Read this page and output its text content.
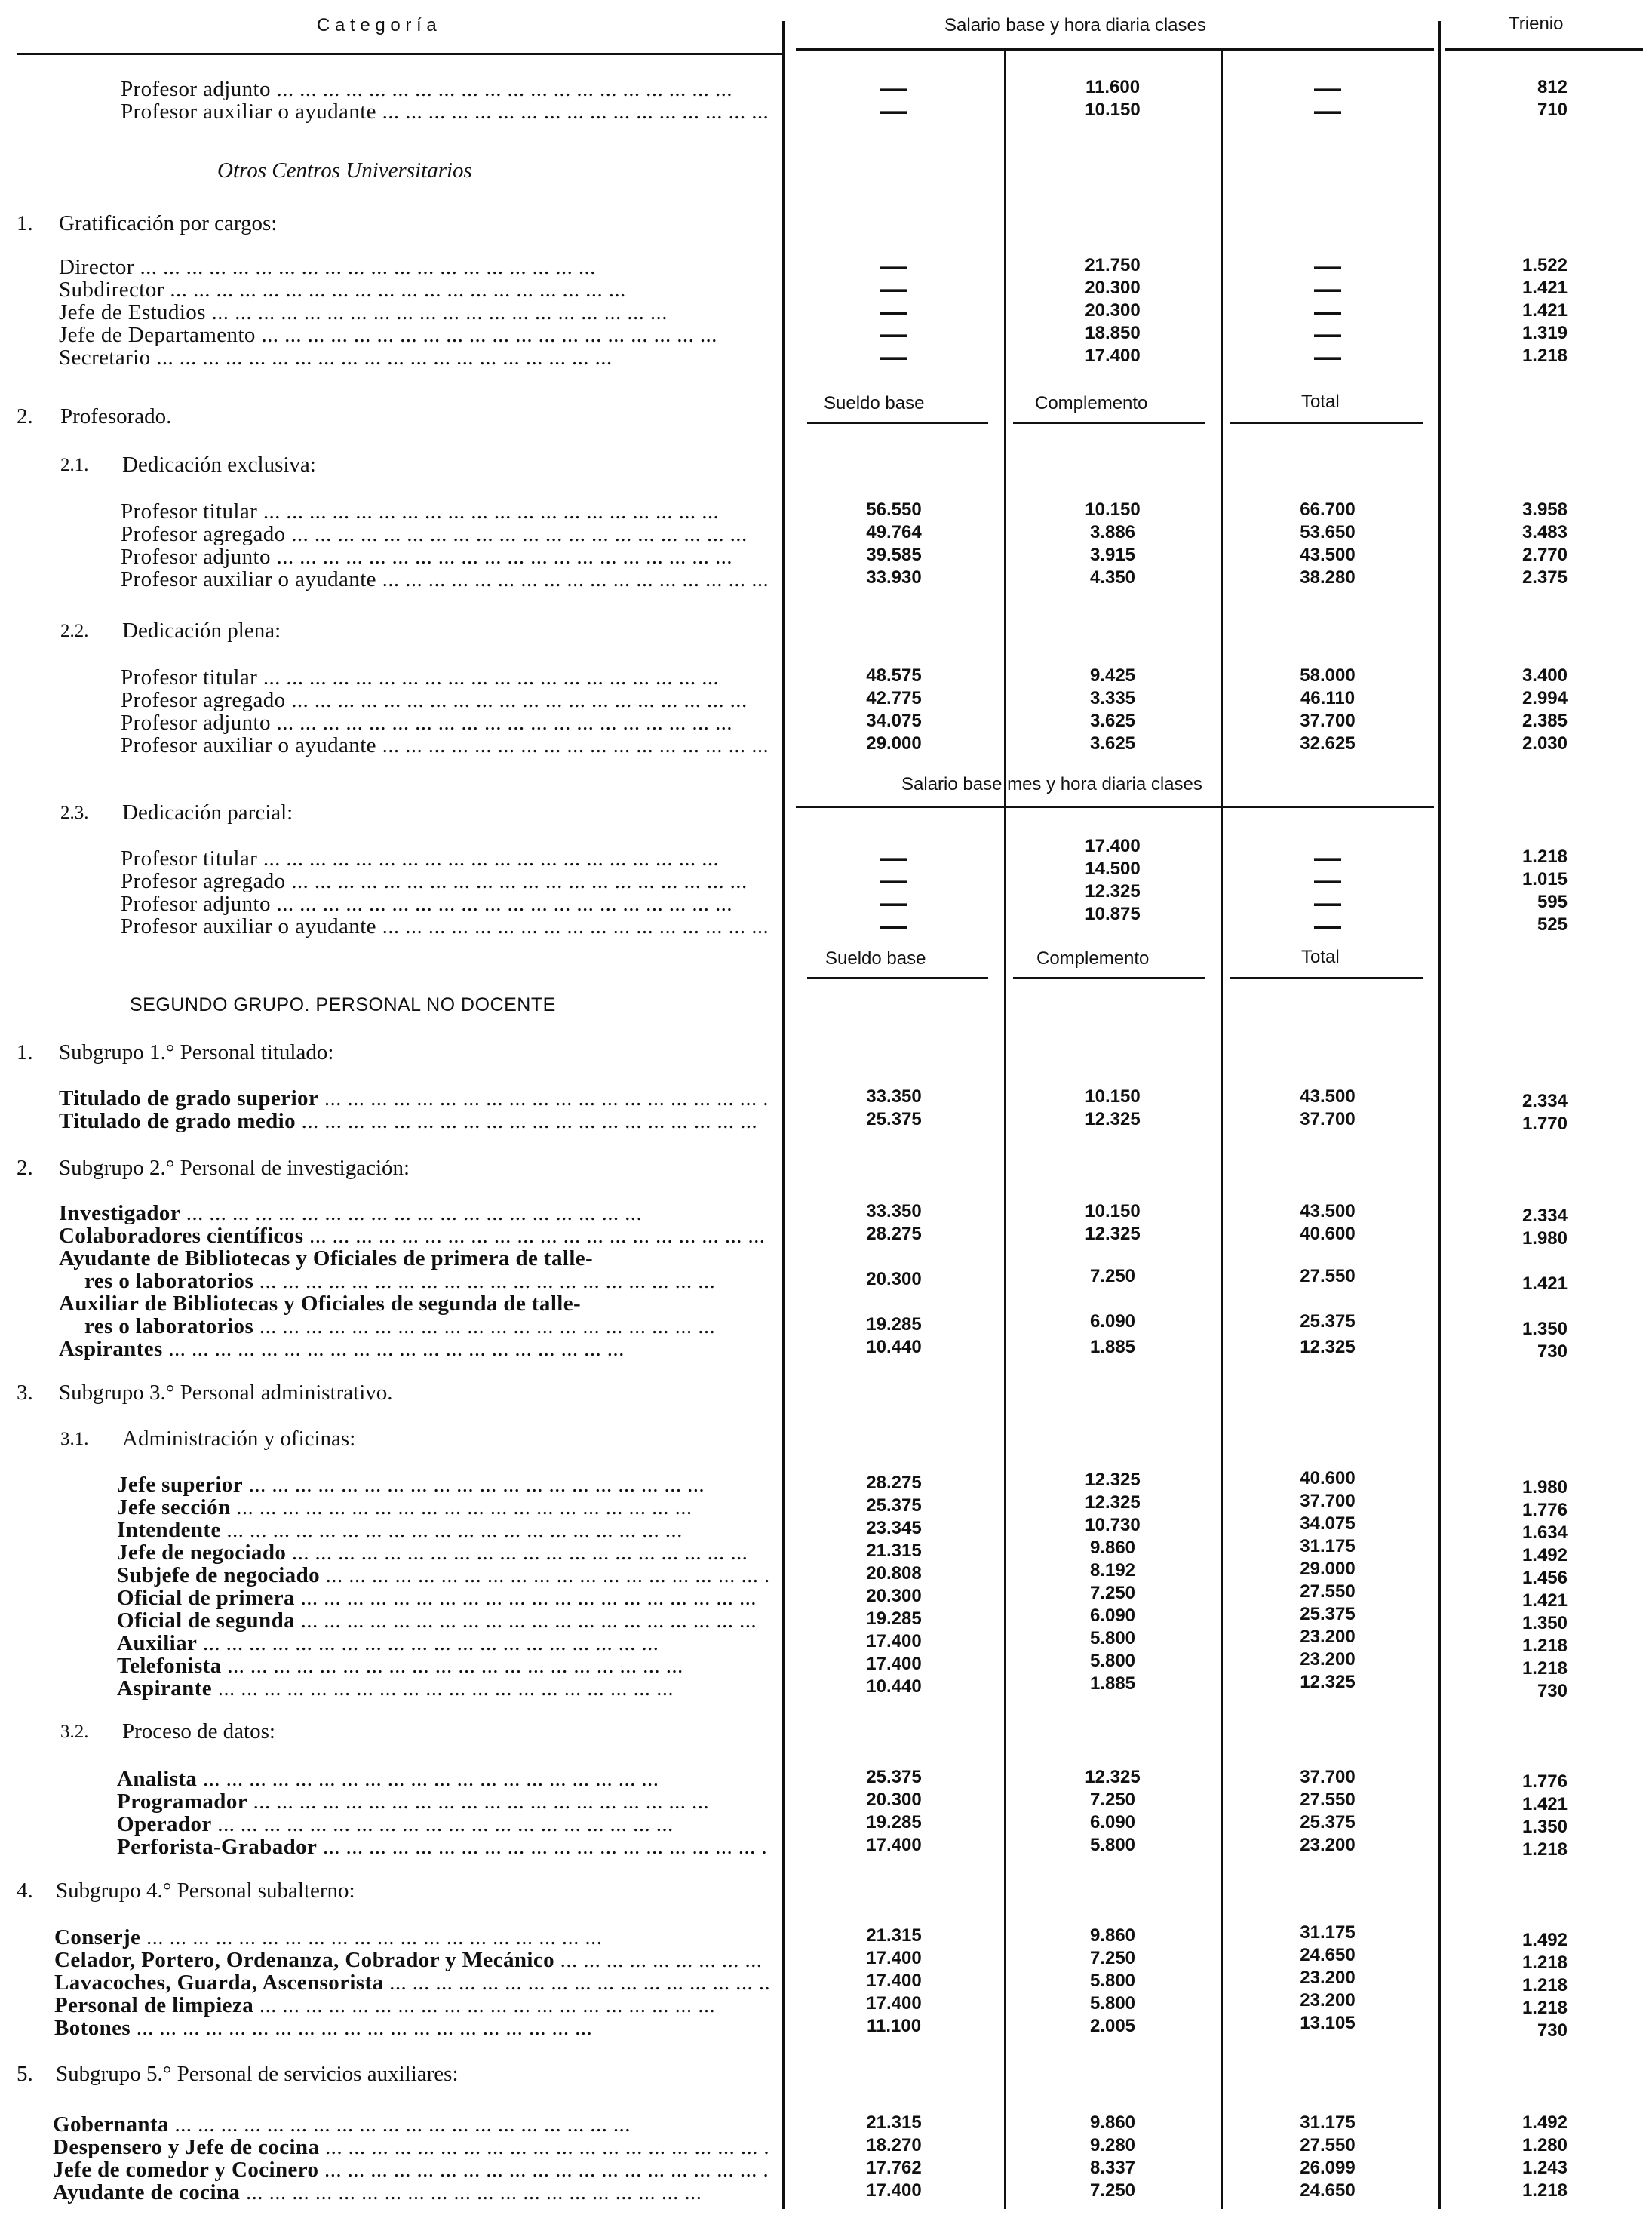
C a t e g o r í a	Salario base y hora diaria clases	Trienio
Sueldo base	Complemento	Total
Salario base mes y hora diaria clases
Sueldo base	Complemento	Total
Otros Centros Universitarios
1. Gratificación por cargos:
2. Profesorado.
2.1. Dedicación exclusiva:
2.2. Dedicación plena:
2.3. Dedicación parcial:
SEGUNDO GRUPO. PERSONAL NO DOCENTE
1. Subgrupo 1.° Personal titulado:
2. Subgrupo 2.° Personal de investigación:
3. Subgrupo 3.° Personal administrativo.
3.1. Administración y oficinas:
3.2. Proceso de datos:
4. Subgrupo 4.° Personal subalterno:
5. Subgrupo 5.° Personal de servicios auxiliares:
Profesor adjunto ... .	—	11.600	—	812
Profesor auxiliar o ayudante ... .	—	10.150	—	710
Director ... .	—	21.750	—	1.522
Subdirector ... .	—	20.300	—	1.421
Jefe de Estudios ... .	—	20.300	—	1.421
Jefe de Departamento ... .	—	18.850	—	1.319
Secretario ... .	—	17.400	—	1.218
Profesor titular ... .	56.550	10.150	66.700	3.958
Profesor agregado ... .	49.764	3.886	53.650	3.483
Profesor adjunto ... .	39.585	3.915	43.500	2.770
Profesor auxiliar o ayudante ... .	33.930	4.350	38.280	2.375
Profesor titular ... .	48.575	9.425	58.000	3.400
Profesor agregado ... .	42.775	3.335	46.110	2.994
Profesor adjunto ... .	34.075	3.625	37.700	2.385
Profesor auxiliar o ayudante ... .	29.000	3.625	32.625	2.030
Profesor titular ... .	—	17.400	—	1.218
Profesor agregado ... .	—	14.500	—	1.015
Profesor adjunto ... .	—	12.325	—	595
Profesor auxiliar o ayudante ... .	—	10.875	—	525
Titulado de grado superior ... .	33.350	10.150	43.500	2.334
Titulado de grado medio ... .	25.375	12.325	37.700	1.770
Investigador ... .	33.350	10.150	43.500	2.334
Colaboradores científicos ... .	28.275	12.325	40.600	1.980
Ayudante de Bibliotecas y Oficiales de primera de talle-
res o laboratorios ... .	20.300	7.250	27.550	1.421
Auxiliar de Bibliotecas y Oficiales de segunda de talle-
res o laboratorios ... .	19.285	6.090	25.375	1.350
Aspirantes ... .	10.440	1.885	12.325	730
Jefe superior ... .	28.275	12.325	40.600	1.980
Jefe sección ... .	25.375	12.325	37.700	1.776
Intendente ... .	23.345	10.730	34.075	1.634
Jefe de negociado ... .	21.315	9.860	31.175	1.492
Subjefe de negociado ... .	20.808	8.192	29.000	1.456
Oficial de primera ... .	20.300	7.250	27.550	1.421
Oficial de segunda ... .	19.285	6.090	25.375	1.350
Auxiliar ... .	17.400	5.800	23.200	1.218
Telefonista ... .	17.400	5.800	23.200	1.218
Aspirante ... .	10.440	1.885	12.325	730
Analista ... .	25.375	12.325	37.700	1.776
Programador ... .	20.300	7.250	27.550	1.421
Operador ... .	19.285	6.090	25.375	1.350
Perforista-Grabador ... .	17.400	5.800	23.200	1.218
Conserje ... .	21.315	9.860	31.175	1.492
Celador, Portero, Ordenanza, Cobrador y Mecánico ... .	17.400	7.250	24.650	1.218
Lavacoches, Guarda, Ascensorista ... .	17.400	5.800	23.200	1.218
Personal de limpieza ... .	17.400	5.800	23.200	1.218
Botones ... .	11.100	2.005	13.105	730
Gobernanta ... .	21.315	9.860	31.175	1.492
Despensero y Jefe de cocina ... .	18.270	9.280	27.550	1.280
Jefe de comedor y Cocinero ... .	17.762	8.337	26.099	1.243
Ayudante de cocina ... .	17.400	7.250	24.650	1.218
